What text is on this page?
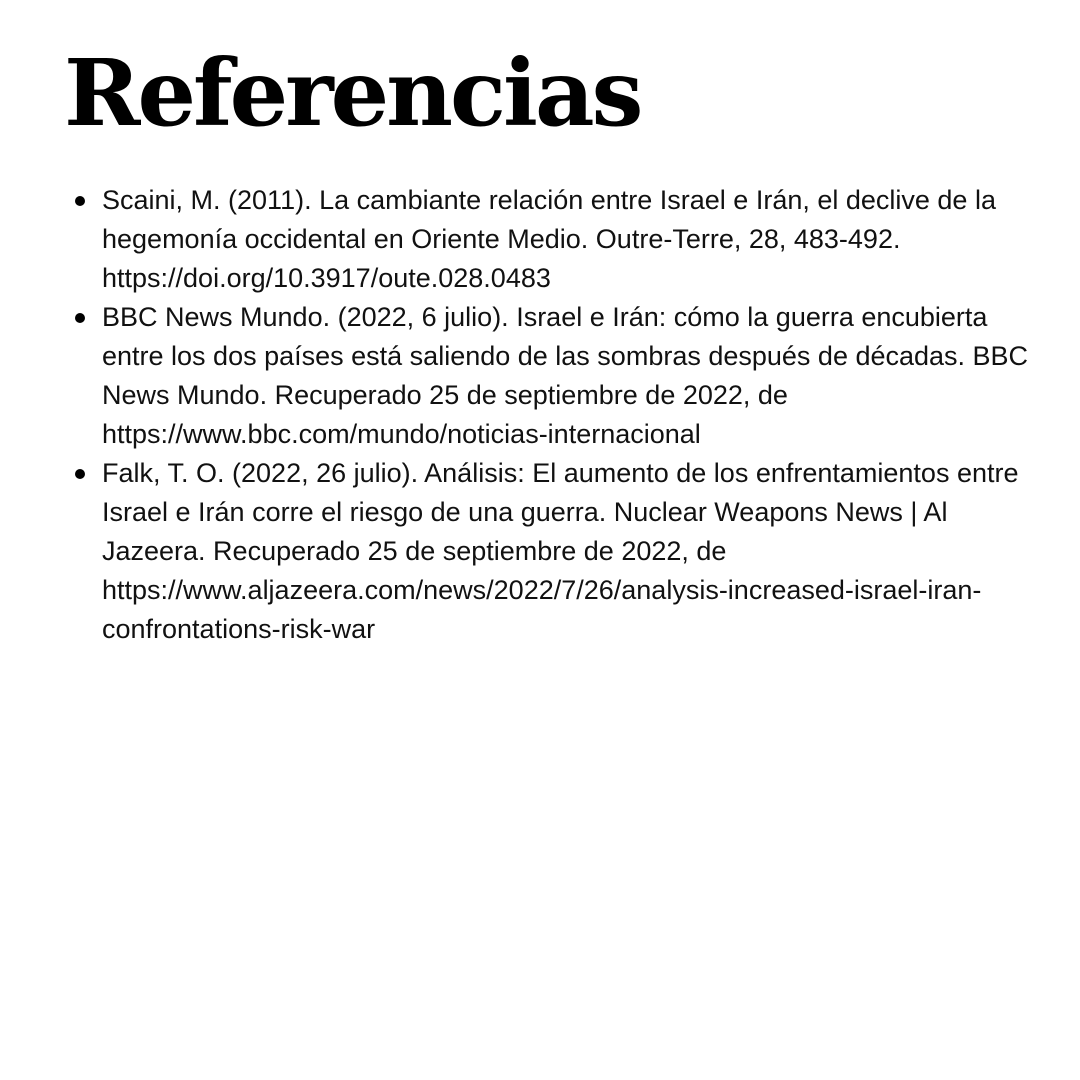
Referencias
Scaini, M. (2011). La cambiante relación entre Israel e Irán, el declive de la hegemonía occidental en Oriente Medio. Outre-Terre, 28, 483-492. https://doi.org/10.3917/oute.028.0483
BBC News Mundo. (2022, 6 julio). Israel e Irán: cómo la guerra encubierta entre los dos países está saliendo de las sombras después de décadas. BBC News Mundo. Recuperado 25 de septiembre de 2022, de https://www.bbc.com/mundo/noticias-internacional
Falk, T. O. (2022, 26 julio). Análisis: El aumento de los enfrentamientos entre Israel e Irán corre el riesgo de una guerra. Nuclear Weapons News | Al Jazeera. Recuperado 25 de septiembre de 2022, de https://www.aljazeera.com/news/2022/7/26/analysis-increased-israel-iran-confrontations-risk-war
